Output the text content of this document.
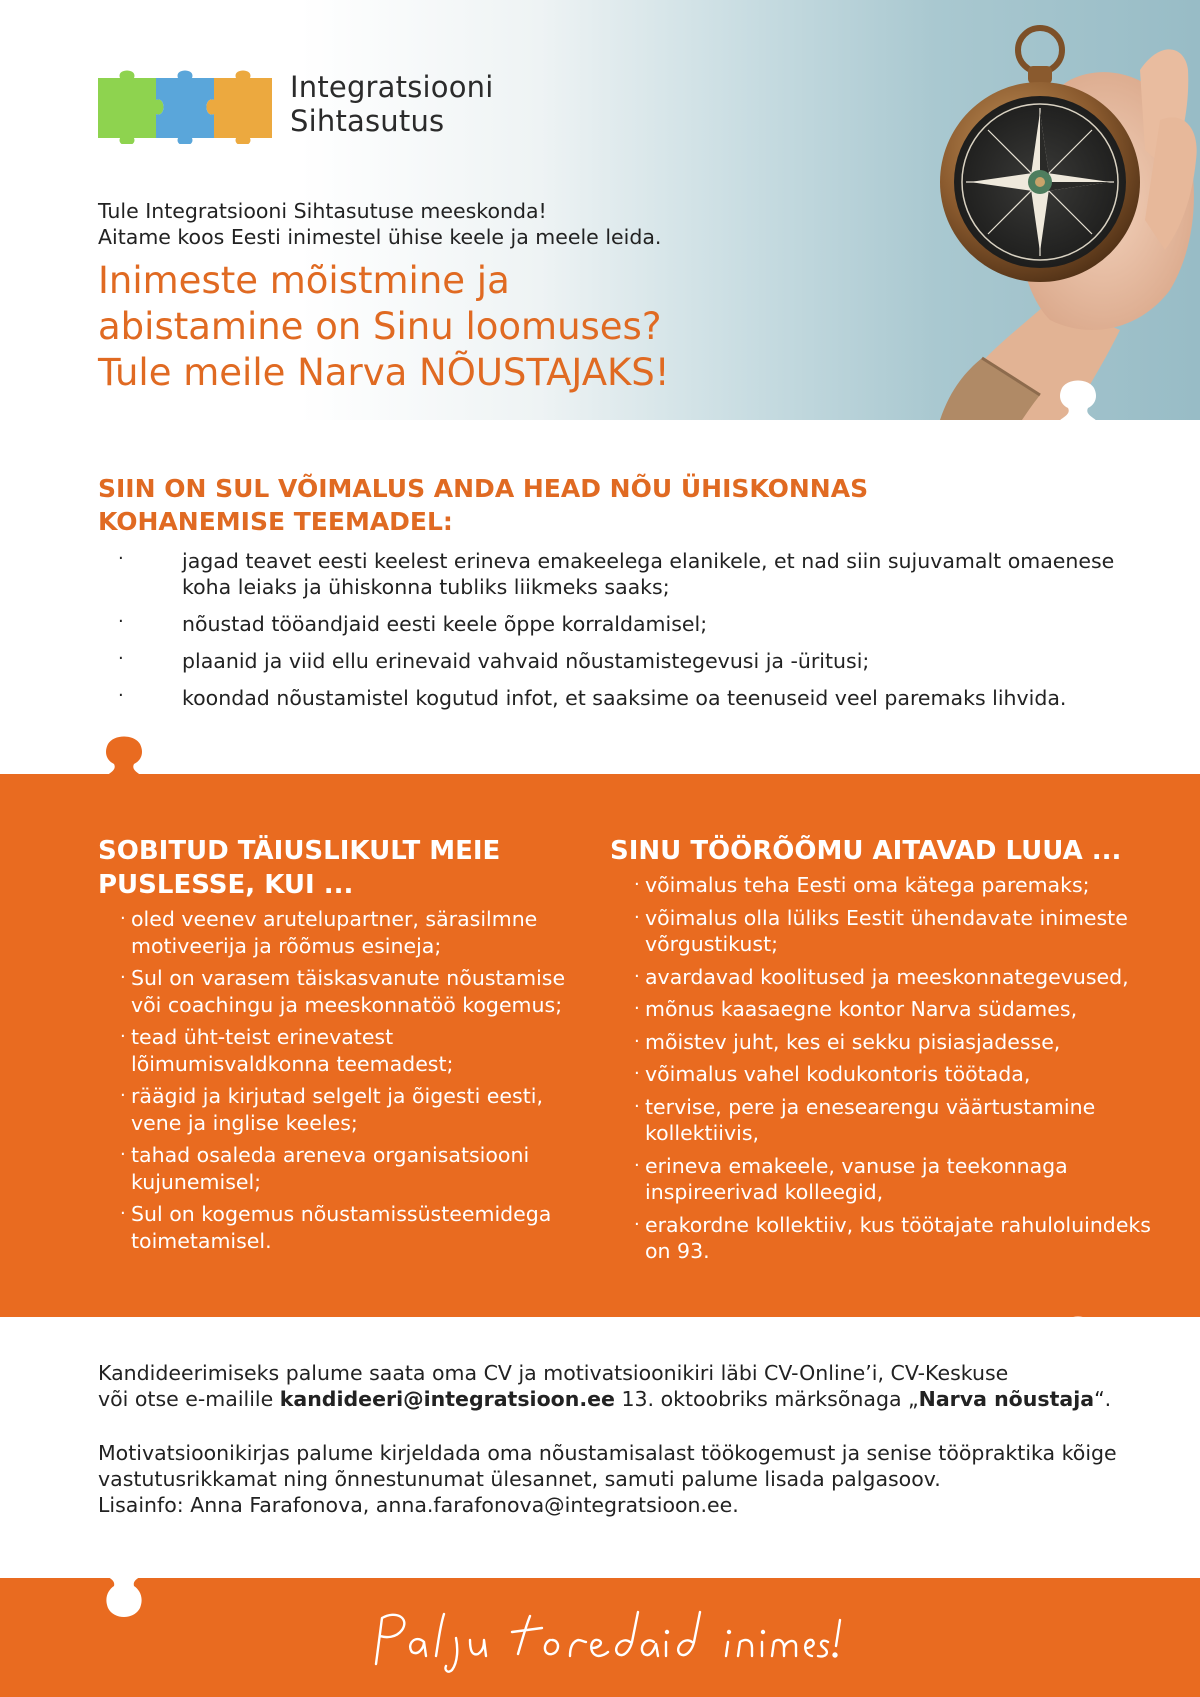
Integratsiooni
Sihtasutus
Tule Integratsiooni Sihtasutuse meeskonda!
Aitame koos Eesti inimestel ühise keele ja meele leida.
Inimeste mõistmine ja
abistamine on Sinu loomuses?
Tule meile Narva NÕUSTAJAKS!
SIIN ON SUL VÕIMALUS ANDA HEAD NÕU ÜHISKONNAS
KOHANEMISE TEEMADEL:
·	jagad teavet eesti keelest erineva emakeelega elanikele, et nad siin sujuvamalt omaenese koha leiaks ja ühiskonna tubliks liikmeks saaks;
·	nõustad tööandjaid eesti keele õppe korraldamisel;
·	plaanid ja viid ellu erinevaid vahvaid nõustamistegevusi ja -üritusi;
·	koondad nõustamistel kogutud infot, et saaksime oa teenuseid veel paremaks lihvida.
SOBITUD TÄIUSLIKULT MEIE
PUSLESSE, KUI ...
· oled veenev arutelupartner, särasilmne motiveerija ja rõõmus esineja;
· Sul on varasem täiskasvanute nõustamise või coachingu ja meeskonnatöö kogemus;
· tead üht-teist erinevatest lõimumisvaldkonna teemadest;
· räägid ja kirjutad selgelt ja õigesti eesti, vene ja inglise keeles;
· tahad osaleda areneva organisatsiooni kujunemisel;
· Sul on kogemus nõustamissüsteemidega toimetamisel.
SINU TÖÖRÕÕMU AITAVAD LUUA ...
· võimalus teha Eesti oma kätega paremaks;
· võimalus olla lüliks Eestit ühendavate inimeste võrgustikust;
· avardavad koolitused ja meeskonnategevused,
· mõnus kaasaegne kontor Narva südames,
· mõistev juht, kes ei sekku pisiasjadesse,
· võimalus vahel kodukontoris töötada,
· tervise, pere ja enesearengu väärtustamine kollektiivis,
· erineva emakeele, vanuse ja teekonnaga inspireerivad kolleegid,
· erakordne kollektiiv, kus töötajate rahuloluindeks on 93.

Kandideerimiseks palume saata oma CV ja motivatsioonikiri läbi CV-Online’i, CV-Keskuse
või otse e-mailile kandideeri@integratsioon.ee 13. oktoobriks märksõnaga „Narva nõustaja“.

Motivatsioonikirjas palume kirjeldada oma nõustamisalast töökogemust ja senise tööpraktika kõige
vastutusrikkamat ning õnnestunumat ülesannet, samuti palume lisada palgasoov.
Lisainfo: Anna Farafonova, anna.farafonova@integratsioon.ee.
